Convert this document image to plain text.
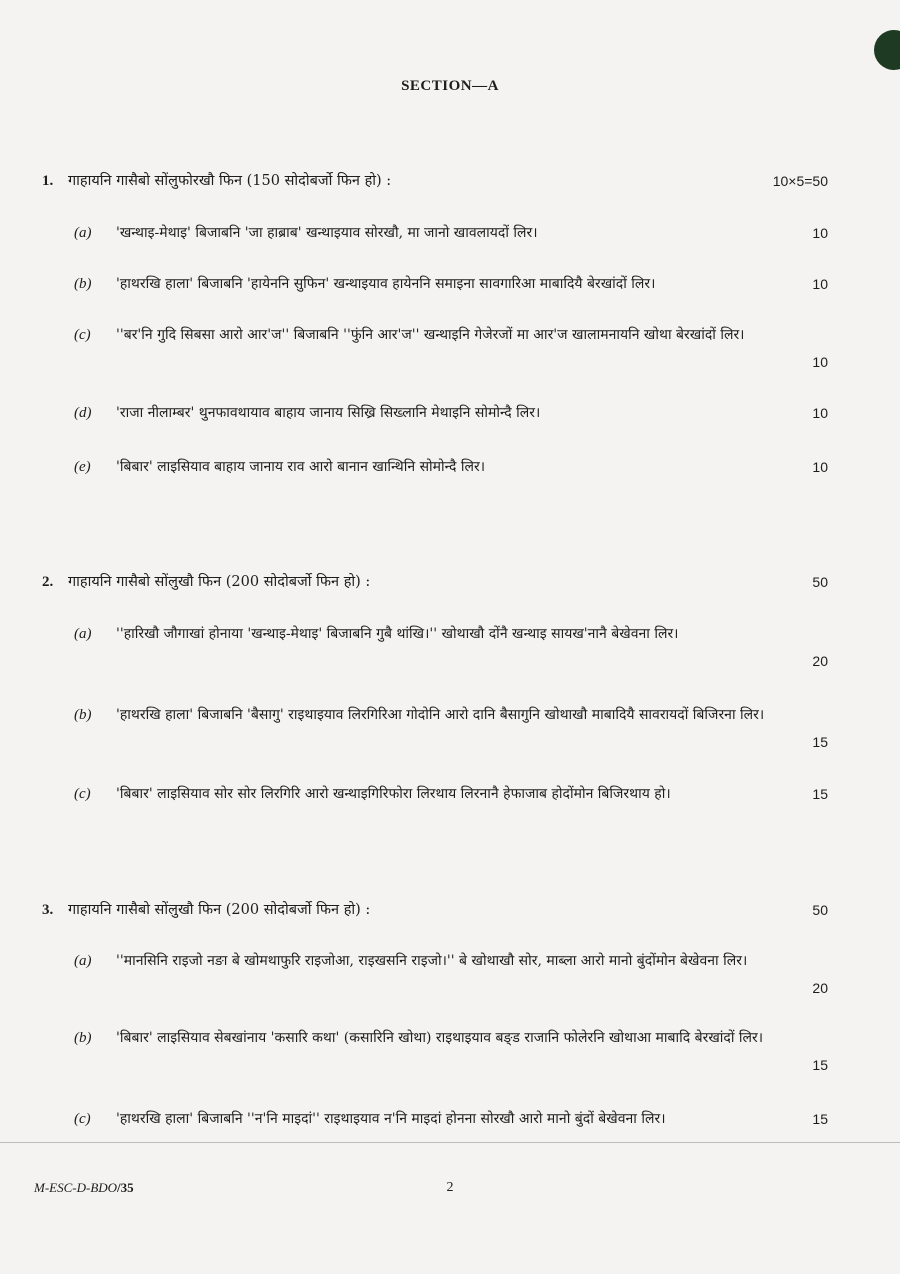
SECTION—A
1. गाहायनि गासैबो सोंलुफोरखौ फिन (150 सोदोबर्जो फिन हो) :	10×5=50
(a) 'खन्थाइ-मेथाइ' बिजाबनि 'जा हाब्राब' खन्थाइयाव सोरखौ, मा जानो खावलायदों लिर।	10
(b) 'हाथरखि हाला' बिजाबनि 'हायेननि सुफिन' खन्थाइयाव हायेननि समाइना सावगारिआ माबादियै बेरखांदों लिर।	10
(c) ''बर'नि गुदि सिबसा आरो आर'ज'' बिजाबनि ''फुंनि आर'ज'' खन्थाइनि गेजेरजों मा आर'ज खालामनायनि खोथा बेरखांदों लिर।
10
(d) 'राजा नीलाम्बर' थुनफावथायाव बाहाय जानाय सिख्रि सिख्लानि मेथाइनि सोमोन्दै लिर।	10
(e) 'बिबार' लाइसियाव बाहाय जानाय राव आरो बानान खान्थिनि सोमोन्दै लिर।	10
2. गाहायनि गासैबो सोंलुखौ फिन (200 सोदोबर्जो फिन हो) :	50
(a) ''हारिखौ जौगाखां होनाया 'खन्थाइ-मेथाइ' बिजाबनि गुबै थांखि।'' खोथाखौ दोंनै खन्थाइ सायख'नानै बेखेवना लिर।
20
(b) 'हाथरखि हाला' बिजाबनि 'बैसागु' राइथाइयाव लिरगिरिआ गोदोनि आरो दानि बैसागुनि खोथाखौ माबादियै सावरायदों बिजिरना लिर।
15
(c) 'बिबार' लाइसियाव सोर सोर लिरगिरि आरो खन्थाइगिरिफोरा लिरथाय लिरनानै हेफाजाब होदोंमोन बिजिरथाय हो।	15
3. गाहायनि गासैबो सोंलुखौ फिन (200 सोदोबर्जो फिन हो) :	50
(a) ''मानसिनि राइजो नङा बे खोमथाफुरि राइजोआ, राइखसनि राइजो।'' बे खोथाखौ सोर, माब्ला आरो मानो बुंदोंमोन बेखेवना लिर।
20
(b) 'बिबार' लाइसियाव सेबखांनाय 'कसारि कथा' (कसारिनि खोथा) राइथाइयाव बङ्ड राजानि फोलेरनि खोथाआ माबादि बेरखांदों लिर।
15
(c) 'हाथरखि हाला' बिजाबनि ''न'नि माइदां'' राइथाइयाव न'नि माइदां होनना सोरखौ आरो मानो बुंदों बेखेवना लिर।	15
M-ESC-D-BDO/35	2
